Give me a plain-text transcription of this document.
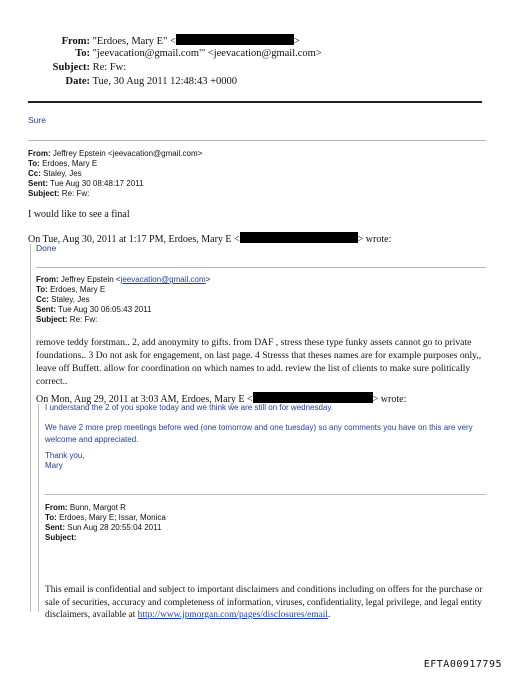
From: "Erdoes, Mary E" <	>
To: "jeevacation@gmail.com"' <jeevacation@gmail.com>
Subject: Re: Fw:
Date: Tue, 30 Aug 2011 12:48:43 +0000
Sure
From: Jeffrey Epstein <jeevacation@gmail.com>
To: Erdoes, Mary E
Cc: Staley, Jes
Sent: Tue Aug 30 08:48:17 2011
Subject: Re: Fw:
I would like to see a final
On Tue, Aug 30, 2011 at 1:17 PM, Erdoes, Mary E <	> wrote:
Done
From: Jeffrey Epstein <jeevacation@gmail.com>
To: Erdoes, Mary E
Cc: Staley, Jes
Sent: Tue Aug 30 06:05:43 2011
Subject: Re: Fw:
remove teddy forstman.. 2, add anonymity to gifts. from DAF , stress these type funky assets cannot go to private foundations.. 3 Do not ask for engagement, on last page. 4 Stresss that theses names are for example purposes only,, leave off Buffett. allow for coordination on which names to add. review the list of clients to make sure politically correct..
On Mon, Aug 29, 2011 at 3:03 AM, Erdoes, Mary E <	> wrote:
I understand the 2 of you spoke today and we think we are still on for wednesday.
We have 2 more prep meetings before wed (one tomorrow and one tuesday) so any comments you have on this are very welcome and appreciated.
Thank you,
Mary
From: Bunn, Margot R
To: Erdoes, Mary E; Issar, Monica
Sent: Sun Aug 28 20:55:04 2011
Subject:
This email is confidential and subject to important disclaimers and conditions including on offers for the purchase or sale of securities, accuracy and completeness of information, viruses, confidentiality, legal privilege, and legal entity disclaimers, available at http://www.jpmorgan.com/pages/disclosures/email.
EFTA00917795
